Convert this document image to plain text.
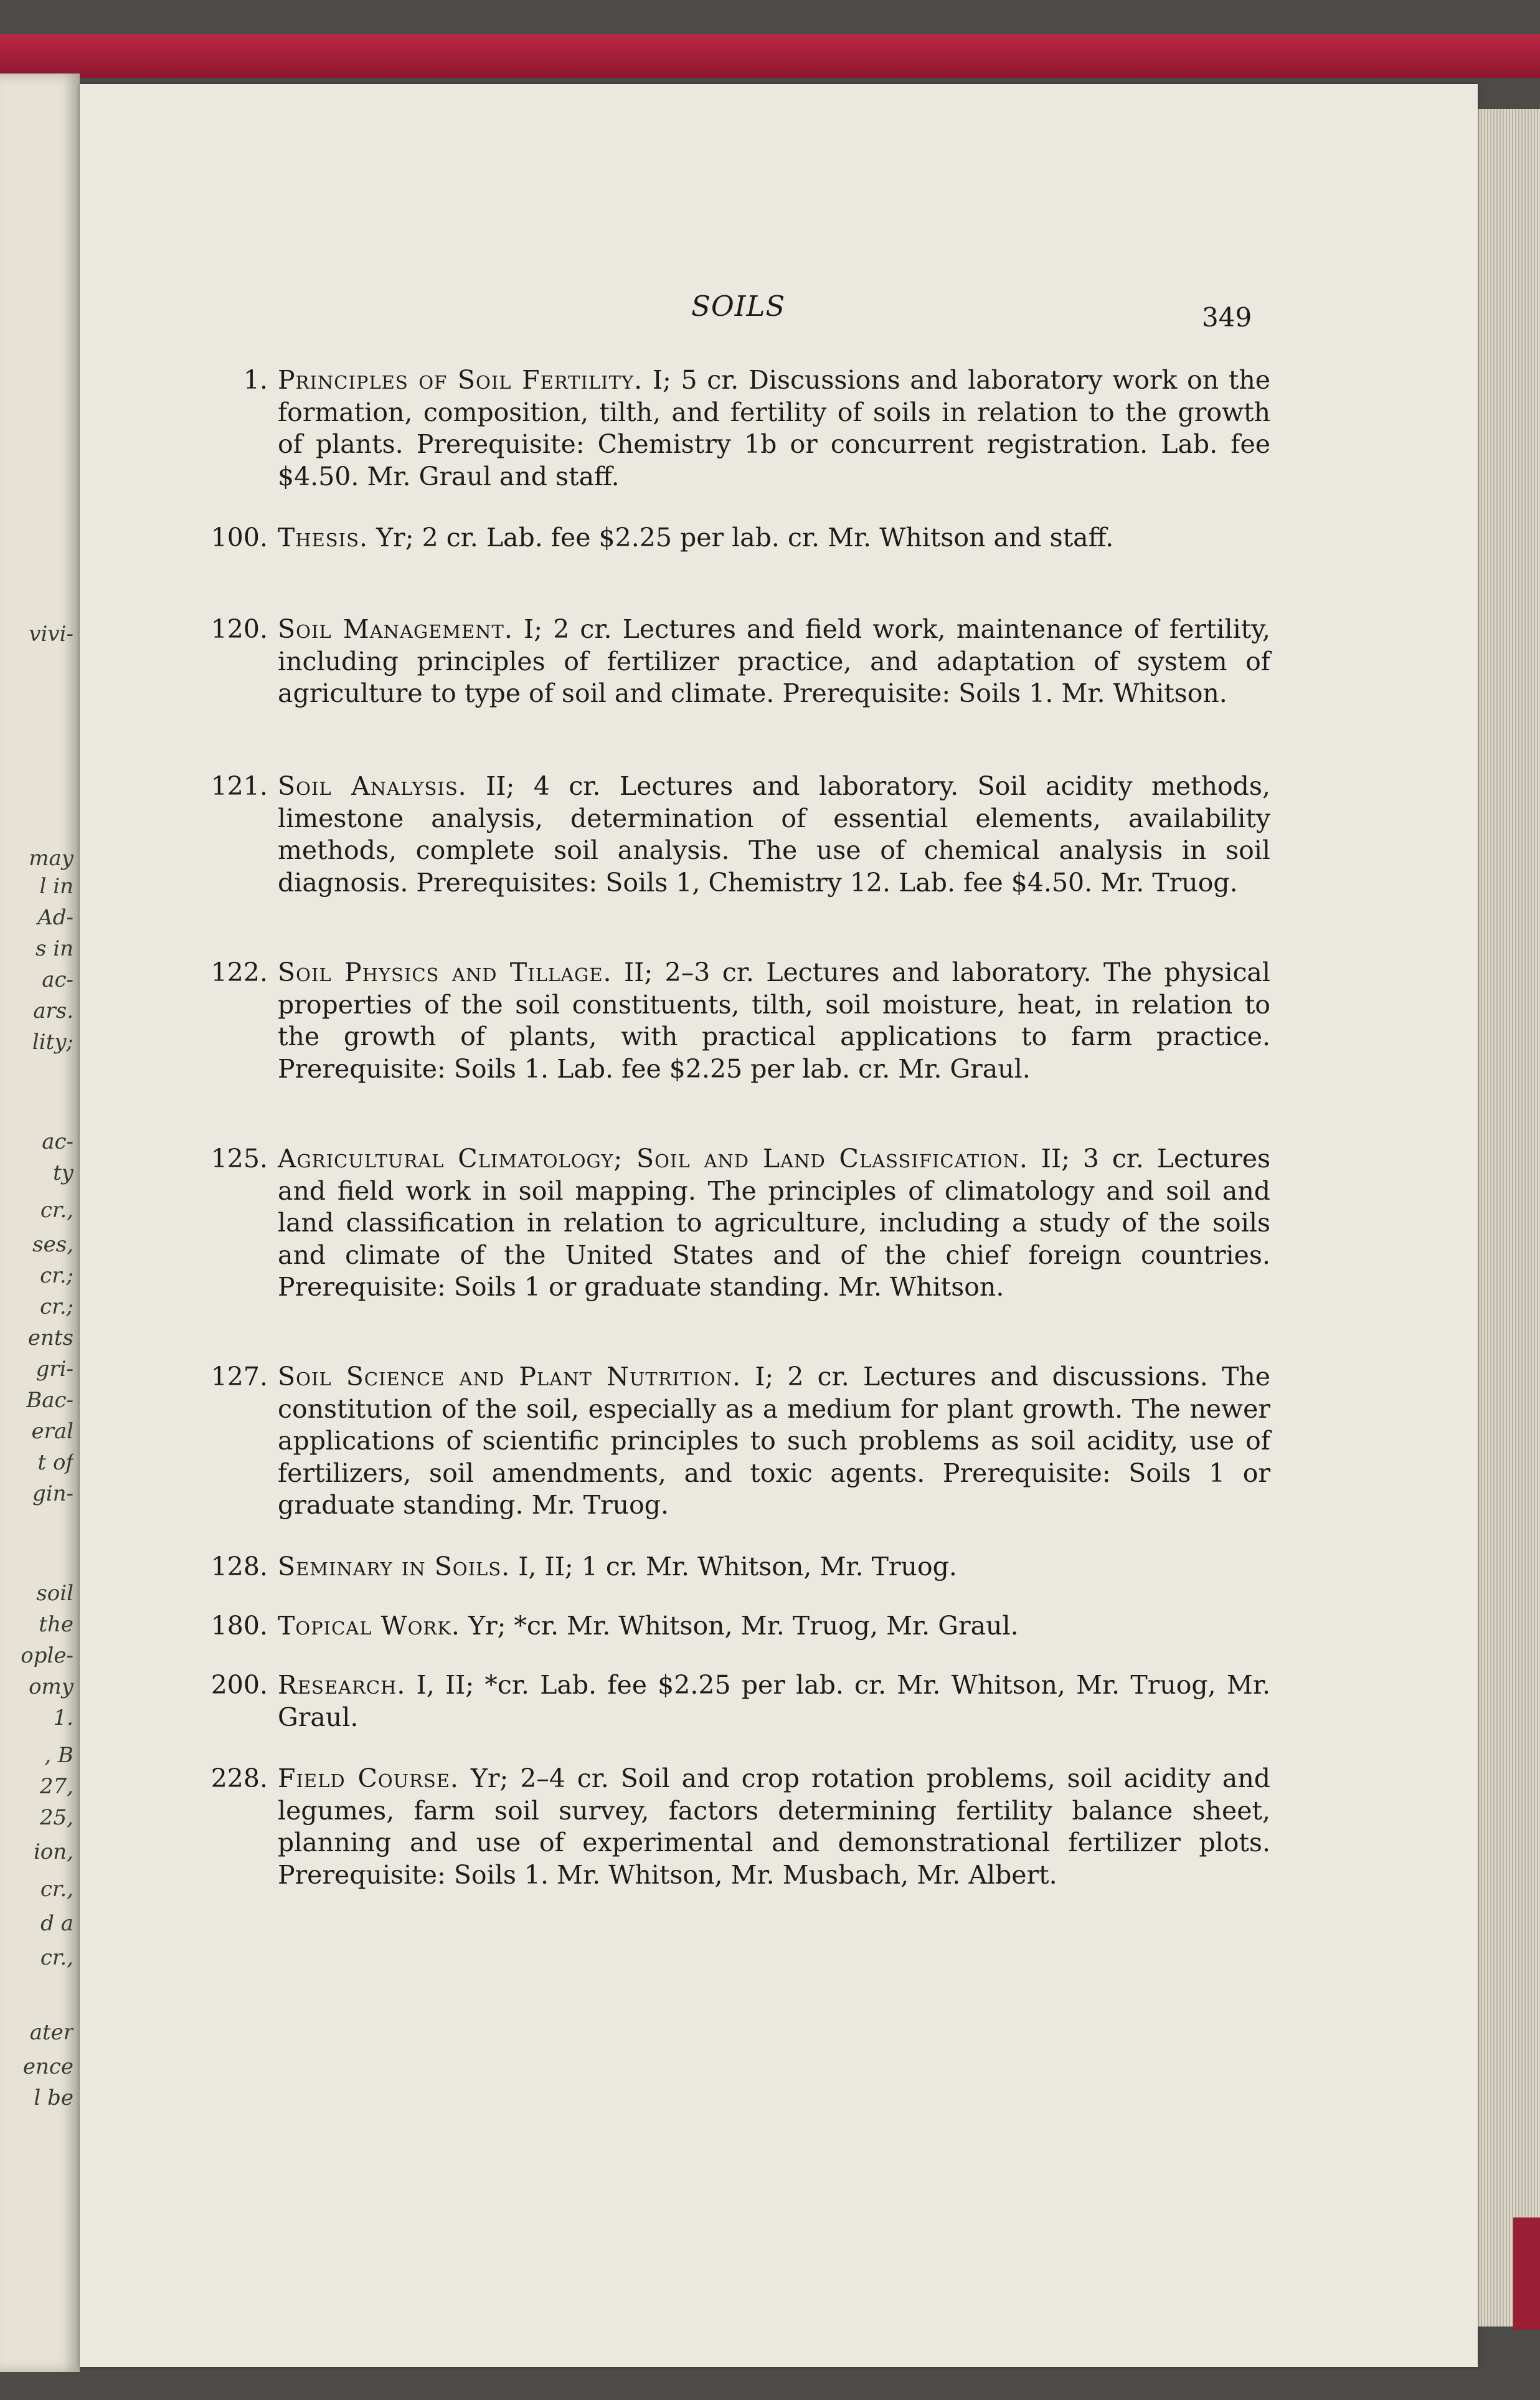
vivi-
may
l in
Ad-
s in
ac-
ars.
lity;
ac-
ty
cr.,
ses,
cr.;
cr.;
ents
gri-
Bac-
eral
t of
gin-
soil
the
ople-
omy
1.
, B
27,
25,
ion,
cr.,
d a
cr.,
ater
ence
l be
SOILS	349
1. Principles of Soil Fertility. I; 5 cr. Discussions and laboratory work on the formation, composition, tilth, and fertility of soils in relation to the growth of plants. Prerequisite: Chemistry 1b or concurrent registration. Lab. fee $4.50. Mr. Graul and staff.
100. Thesis. Yr; 2 cr. Lab. fee $2.25 per lab. cr. Mr. Whitson and staff.
120. Soil Management. I; 2 cr. Lectures and field work, maintenance of fertility, including principles of fertilizer practice, and adaptation of system of agriculture to type of soil and climate. Prerequisite: Soils 1. Mr. Whitson.
121. Soil Analysis. II; 4 cr. Lectures and laboratory. Soil acidity methods, limestone analysis, determination of essential elements, availability methods, complete soil analysis. The use of chemical analysis in soil diagnosis. Prerequisites: Soils 1, Chemistry 12. Lab. fee $4.50. Mr. Truog.
122. Soil Physics and Tillage. II; 2–3 cr. Lectures and laboratory. The physical properties of the soil constituents, tilth, soil moisture, heat, in relation to the growth of plants, with practical applications to farm practice. Prerequisite: Soils 1. Lab. fee $2.25 per lab. cr. Mr. Graul.
125. Agricultural Climatology; Soil and Land Classification. II; 3 cr. Lectures and field work in soil mapping. The principles of climatology and soil and land classification in relation to agriculture, including a study of the soils and climate of the United States and of the chief foreign countries. Prerequisite: Soils 1 or graduate standing. Mr. Whitson.
127. Soil Science and Plant Nutrition. I; 2 cr. Lectures and discussions. The constitution of the soil, especially as a medium for plant growth. The newer applications of scientific principles to such problems as soil acidity, use of fertilizers, soil amendments, and toxic agents. Prerequisite: Soils 1 or graduate standing. Mr. Truog.
128. Seminary in Soils. I, II; 1 cr. Mr. Whitson, Mr. Truog.
180. Topical Work. Yr; *cr. Mr. Whitson, Mr. Truog, Mr. Graul.
200. Research. I, II; *cr. Lab. fee $2.25 per lab. cr. Mr. Whitson, Mr. Truog, Mr. Graul.
228. Field Course. Yr; 2–4 cr. Soil and crop rotation problems, soil acidity and legumes, farm soil survey, factors determining fertility balance sheet, planning and use of experimental and demonstrational fertilizer plots. Prerequisite: Soils 1. Mr. Whitson, Mr. Musbach, Mr. Albert.
